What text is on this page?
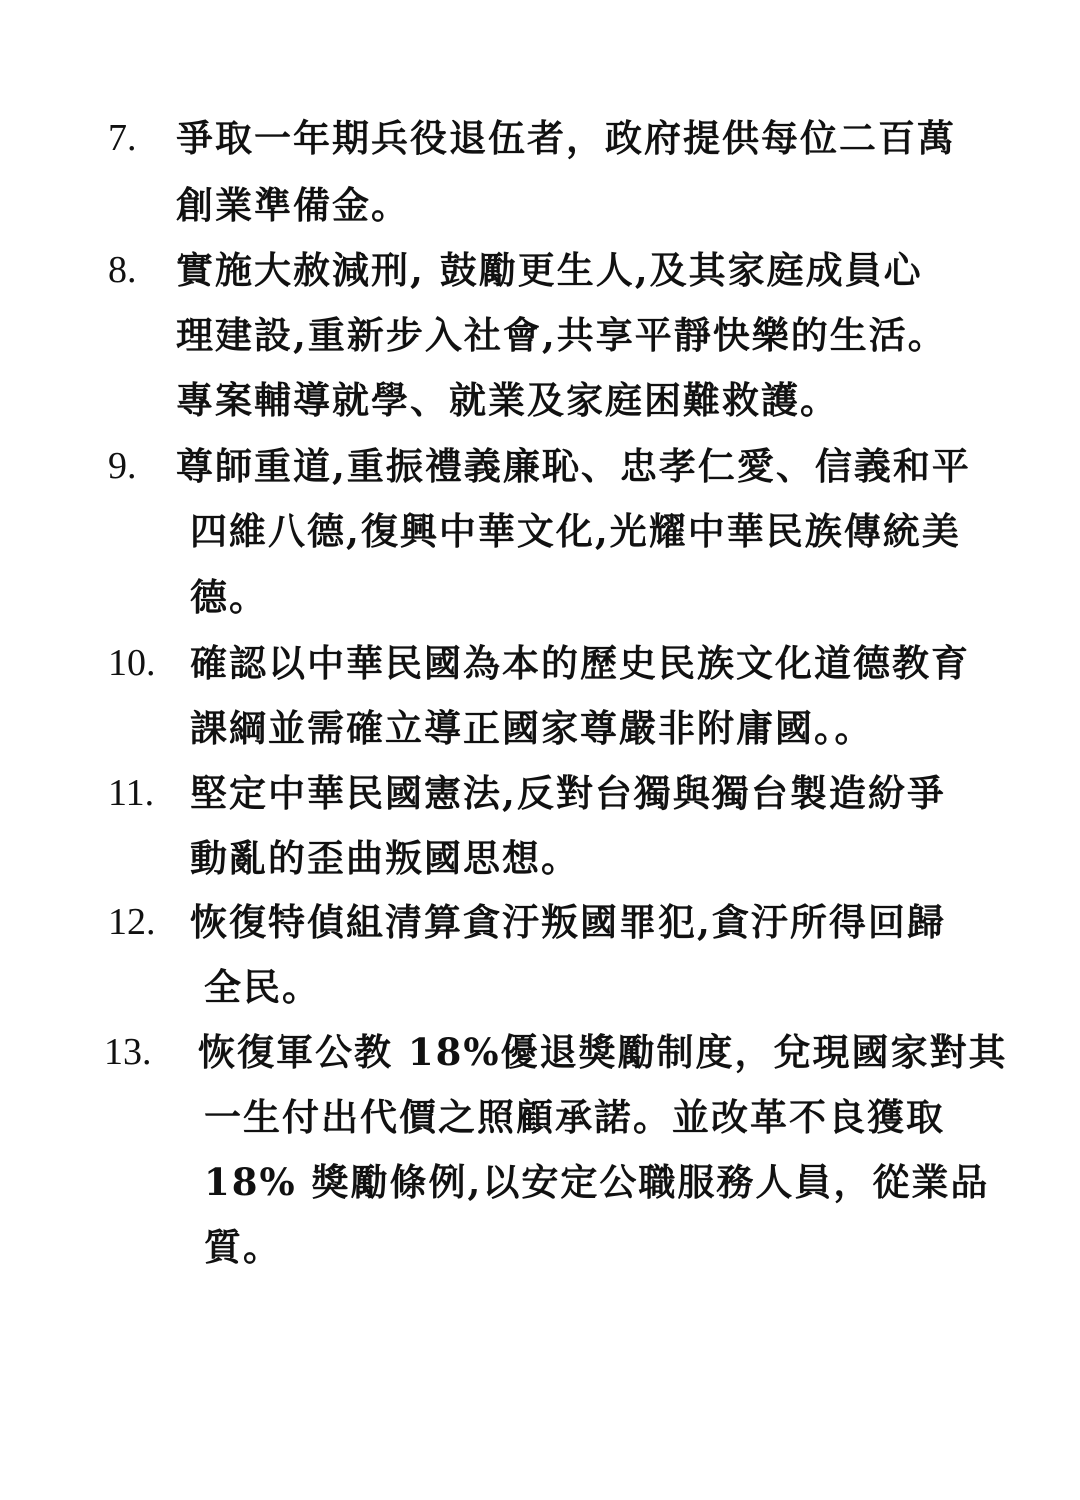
7. 爭取一年期兵役退伍者，政府提供每位二百萬
創業準備金。
8. 實施大赦減刑, 鼓勵更生人,及其家庭成員心
理建設,重新步入社會,共享平靜快樂的生活。
專案輔導就學、就業及家庭困難救護。
9. 尊師重道,重振禮義廉恥、忠孝仁愛、信義和平
四維八德,復興中華文化,光耀中華民族傳統美
德。
10. 確認以中華民國為本的歷史民族文化道德教育
課綱並需確立導正國家尊嚴非附庸國。。
11. 堅定中華民國憲法,反對台獨與獨台製造紛爭
動亂的歪曲叛國思想。
12. 恢復特偵組清算貪汙叛國罪犯,貪汙所得回歸
全民。
13. 恢復軍公教 18%優退獎勵制度，兌現國家對其
一生付出代價之照顧承諾。並改革不良獲取
18% 獎勵條例,以安定公職服務人員，從業品
質。
